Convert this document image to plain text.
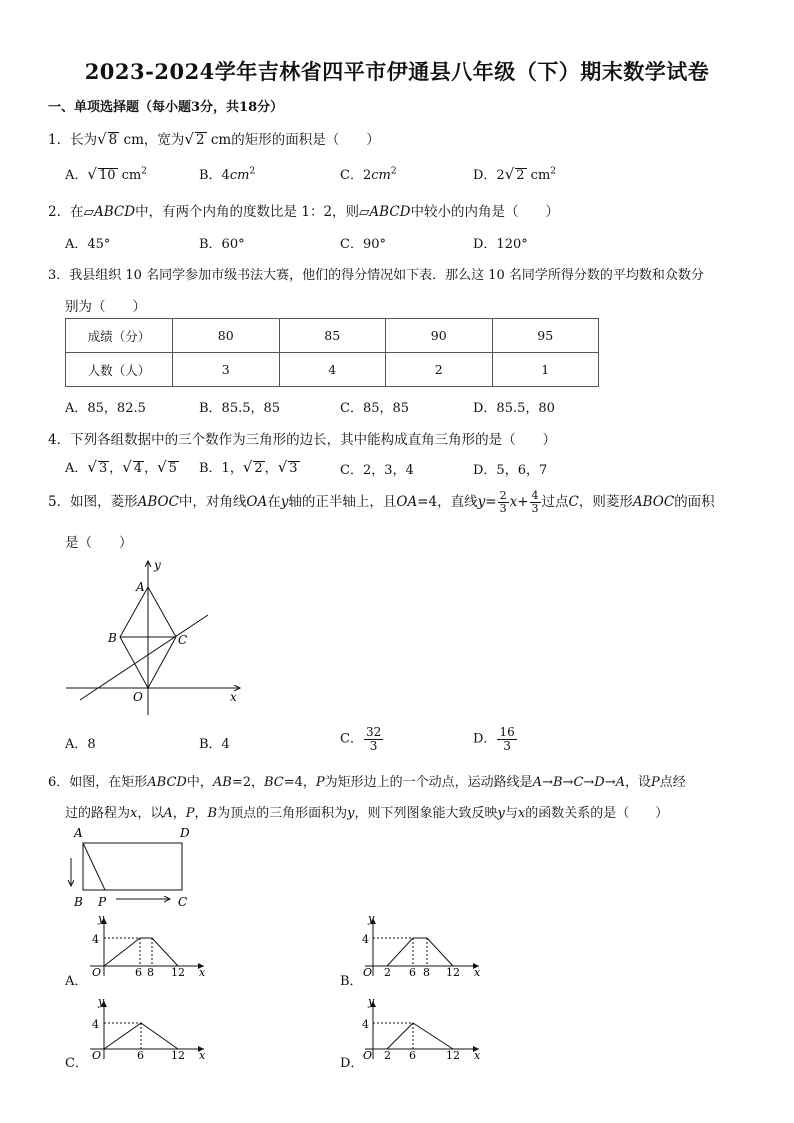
2023-2024学年吉林省四平市伊通县八年级（下）期末数学试卷
一、单项选择题（每小题3分，共18分）
1．长为√ 8 cm，宽为√ 2 cm的矩形的面积是（　　）
A．√ 10 $cm^2$	B．$4cm^2$	C．$2cm^2$	D．2√ 2 $cm^2$
2．在▱ABCD中，有两个内角的度数比是 1：2，则▱ABCD中较小的内角是（　　）
A．45°	B．60°	C．90°	D．120°
3．我县组织 10 名同学参加市级书法大赛，他们的得分情况如下表．那么这 10 名同学所得分数的平均数和众数分
别为（　　）
成绩（分）	80	85	90	95
人数（人）	3	4	2	1
A．85，82.5	B．85.5，85	C．85，85	D．85.5，80
4．下列各组数据中的三个数作为三角形的边长，其中能构成直角三角形的是（　　）
A．√ 3 ，√ 4 ，√ 5 B．1，√ 2 ，√ 3	C．2，3，4	D．5，6，7
5．如图，菱形ABOC中，对角线OA在y轴的正半轴上，且OA=4，直线$y= \frac{2}{3} x+ \frac{4}{3}$ 过点C，则菱形ABOC的面积
是（　　）
A
B	C
O	x
y
A．8	B．4	C． $\frac{32}{3}$	D． $\frac{16}{3}$
6．如图，在矩形ABCD中，AB=2，BC=4，P为矩形边上的一个动点，运动路线是A→B→C→D→A，设P点经
过的路程为x，以A，P，B为顶点的三角形面积为y，则下列图象能大致反映y与x的函数关系的是（　　）
A	D
B P	C
A．
4
O
y
x
6 8 12
B．
4
O
y
x
2 6 8 12
C．
4
O
y
x
6 12
D．
4
O
y
x
2 6	12
